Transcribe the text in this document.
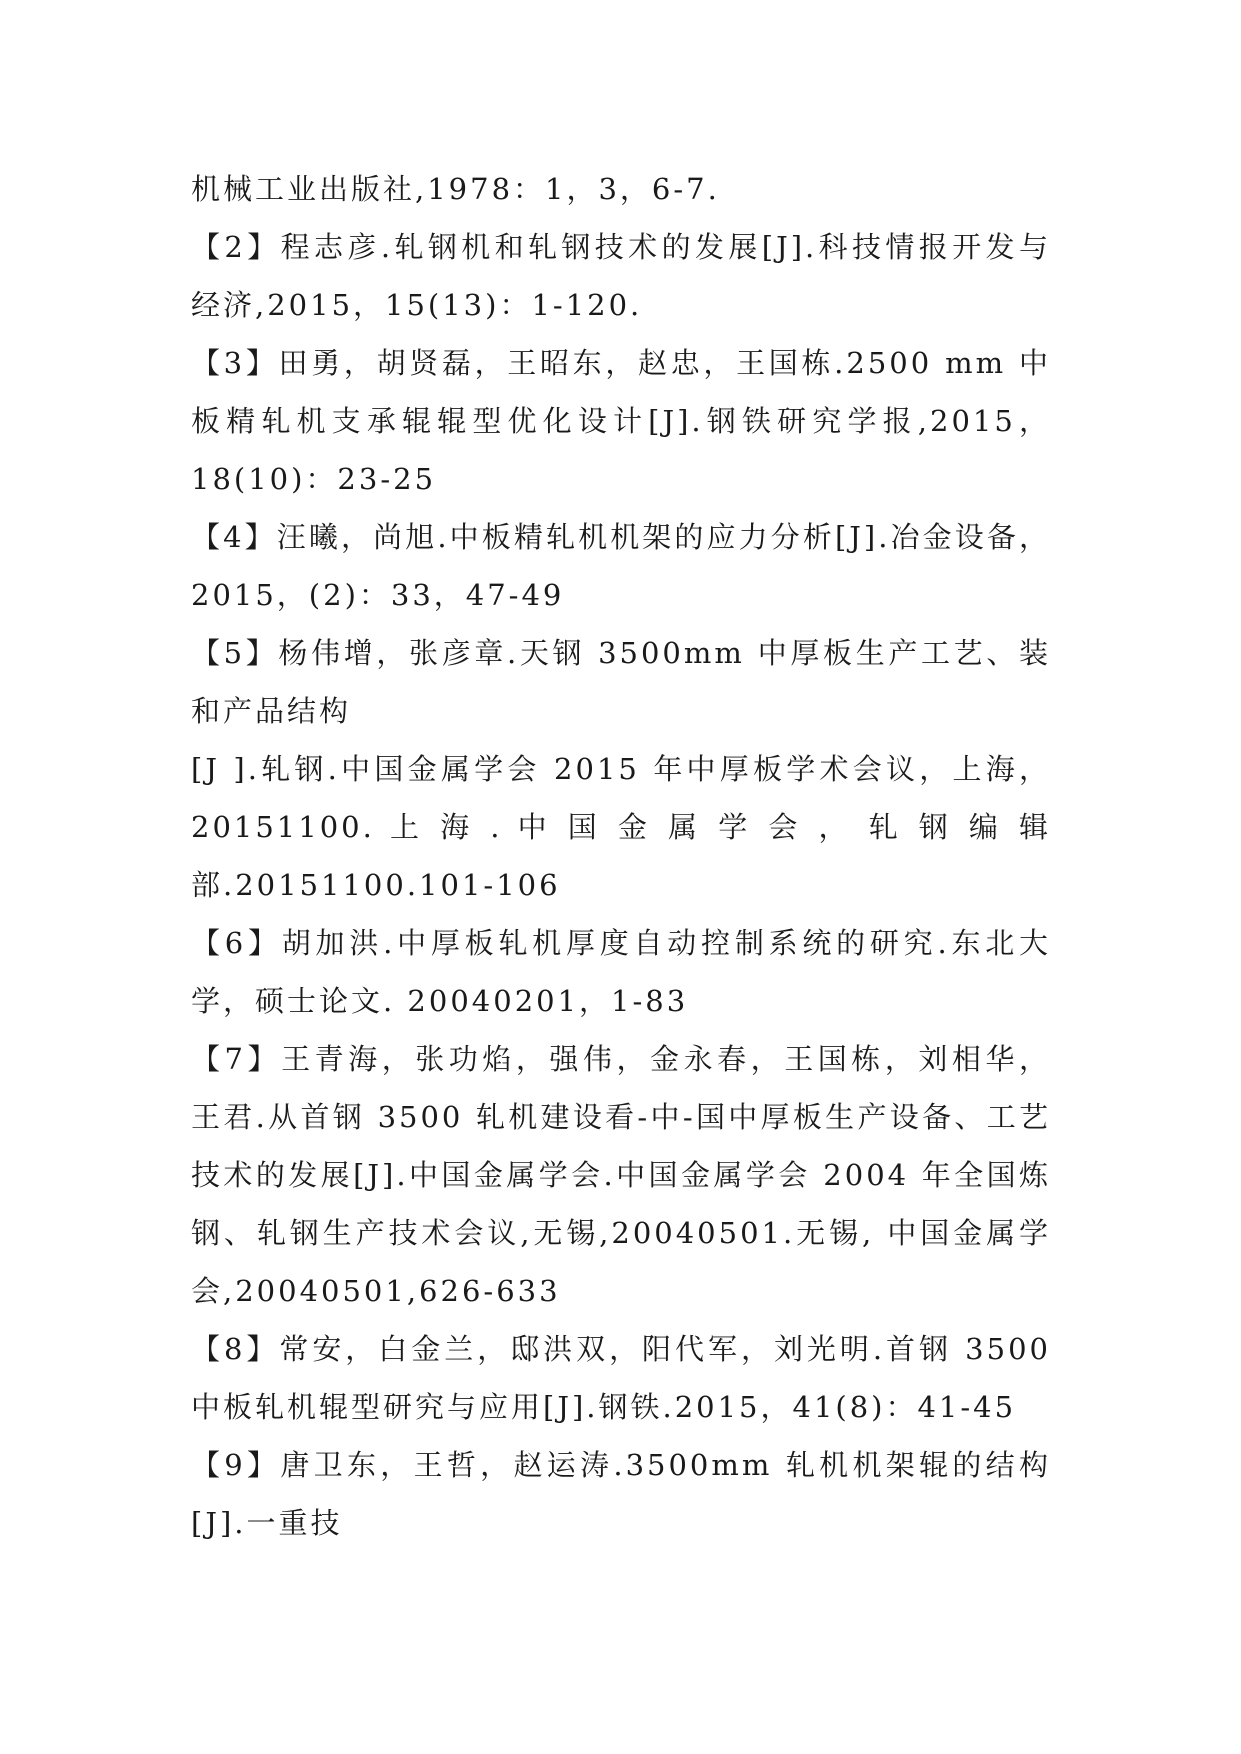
机械工业出版社,1978：1，3，6-7.
【2】程志彦.轧钢机和轧钢技术的发展[J].科技情报开发与
经济,2015，15(13)：1-120.
【3】田勇，胡贤磊，王昭东，赵忠，王国栋.2500 mm 中
板精轧机支承辊辊型优化设计[J].钢铁研究学报,2015，
18(10)：23-25
【4】汪曦，尚旭.中板精轧机机架的应力分析[J].冶金设备，
2015，(2)：33，47-49
【5】杨伟增，张彦章.天钢 3500mm 中厚板生产工艺、装
和产品结构
[J ].轧钢.中国金属学会 2015 年中厚板学术会议，上海，
20151100. 上 海 . 中 国 金 属 学 会 ， 轧 钢 编 辑
部.20151100.101-106
【6】胡加洪.中厚板轧机厚度自动控制系统的研究.东北大
学，硕士论文. 20040201，1-83
【7】王青海，张功焰，强伟，金永春，王国栋，刘相华，
王君.从首钢 3500 轧机建设看-中-国中厚板生产设备、工艺
技术的发展[J].中国金属学会.中国金属学会 2004 年全国炼
钢、轧钢生产技术会议,无锡,20040501.无锡, 中国金属学
会,20040501,626-633
【8】常安，白金兰，邸洪双，阳代军，刘光明.首钢 3500
中板轧机辊型研究与应用[J].钢铁.2015，41(8)：41-45
【9】唐卫东，王哲，赵运涛.3500mm 轧机机架辊的结构
[J].一重技
